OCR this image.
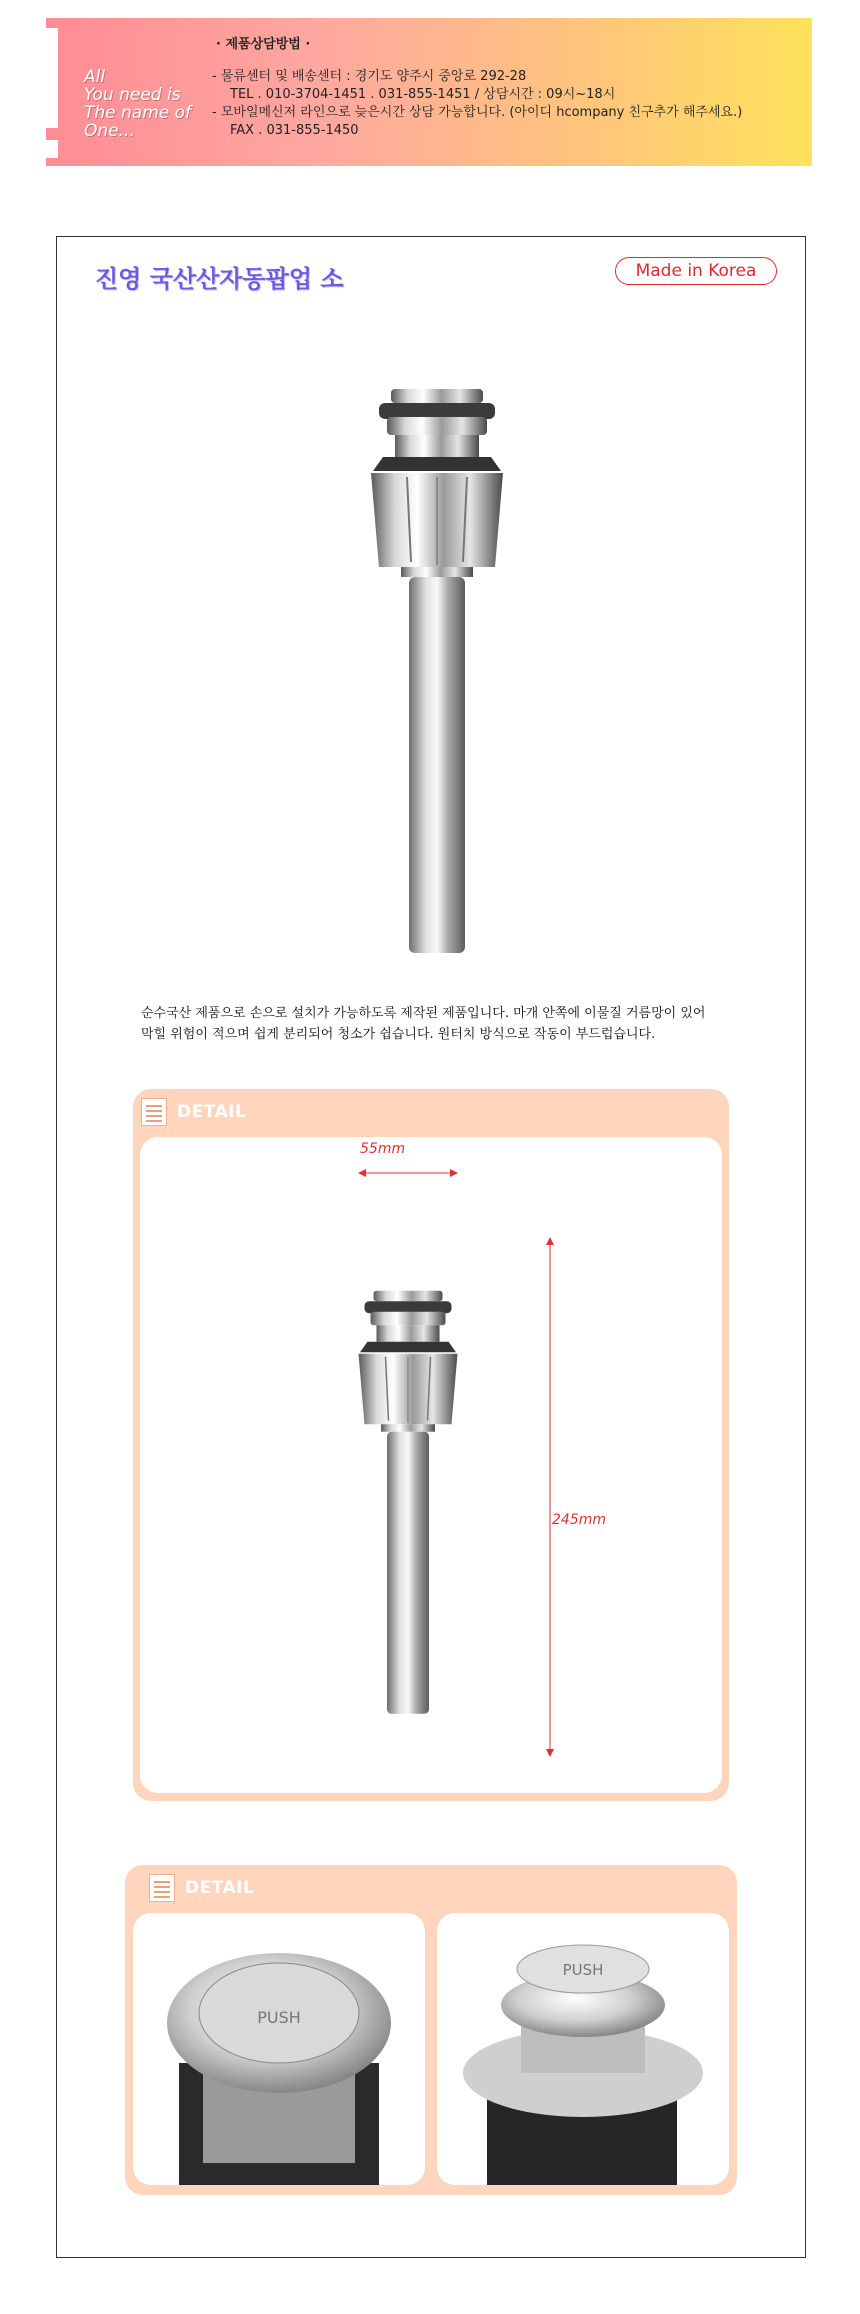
All
You need is
The name of
One...
· 제품상담방법 ·
- 물류센터 및 배송센터 : 경기도 양주시 중앙로 292-28
TEL . 010-3704-1451 . 031-855-1451 / 상담시간 : 09시~18시
- 모바일메신저 라인으로 늦은시간 상담 가능합니다. (아이디 hcompany 친구추가 해주세요.)
FAX . 031-855-1450
진영 국산산자동팝업 소	Made in Korea
순수국산 제품으로 손으로 설치가 가능하도록 제작된 제품입니다. 마개 안쪽에 이물질 거름망이 있어 막힐 위험이 적으며 쉽게 분리되어 청소가 쉽습니다. 원터치 방식으로 작동이 부드럽습니다.
DETAIL
55mm
245mm
DETAIL
PUSH
PUSH
